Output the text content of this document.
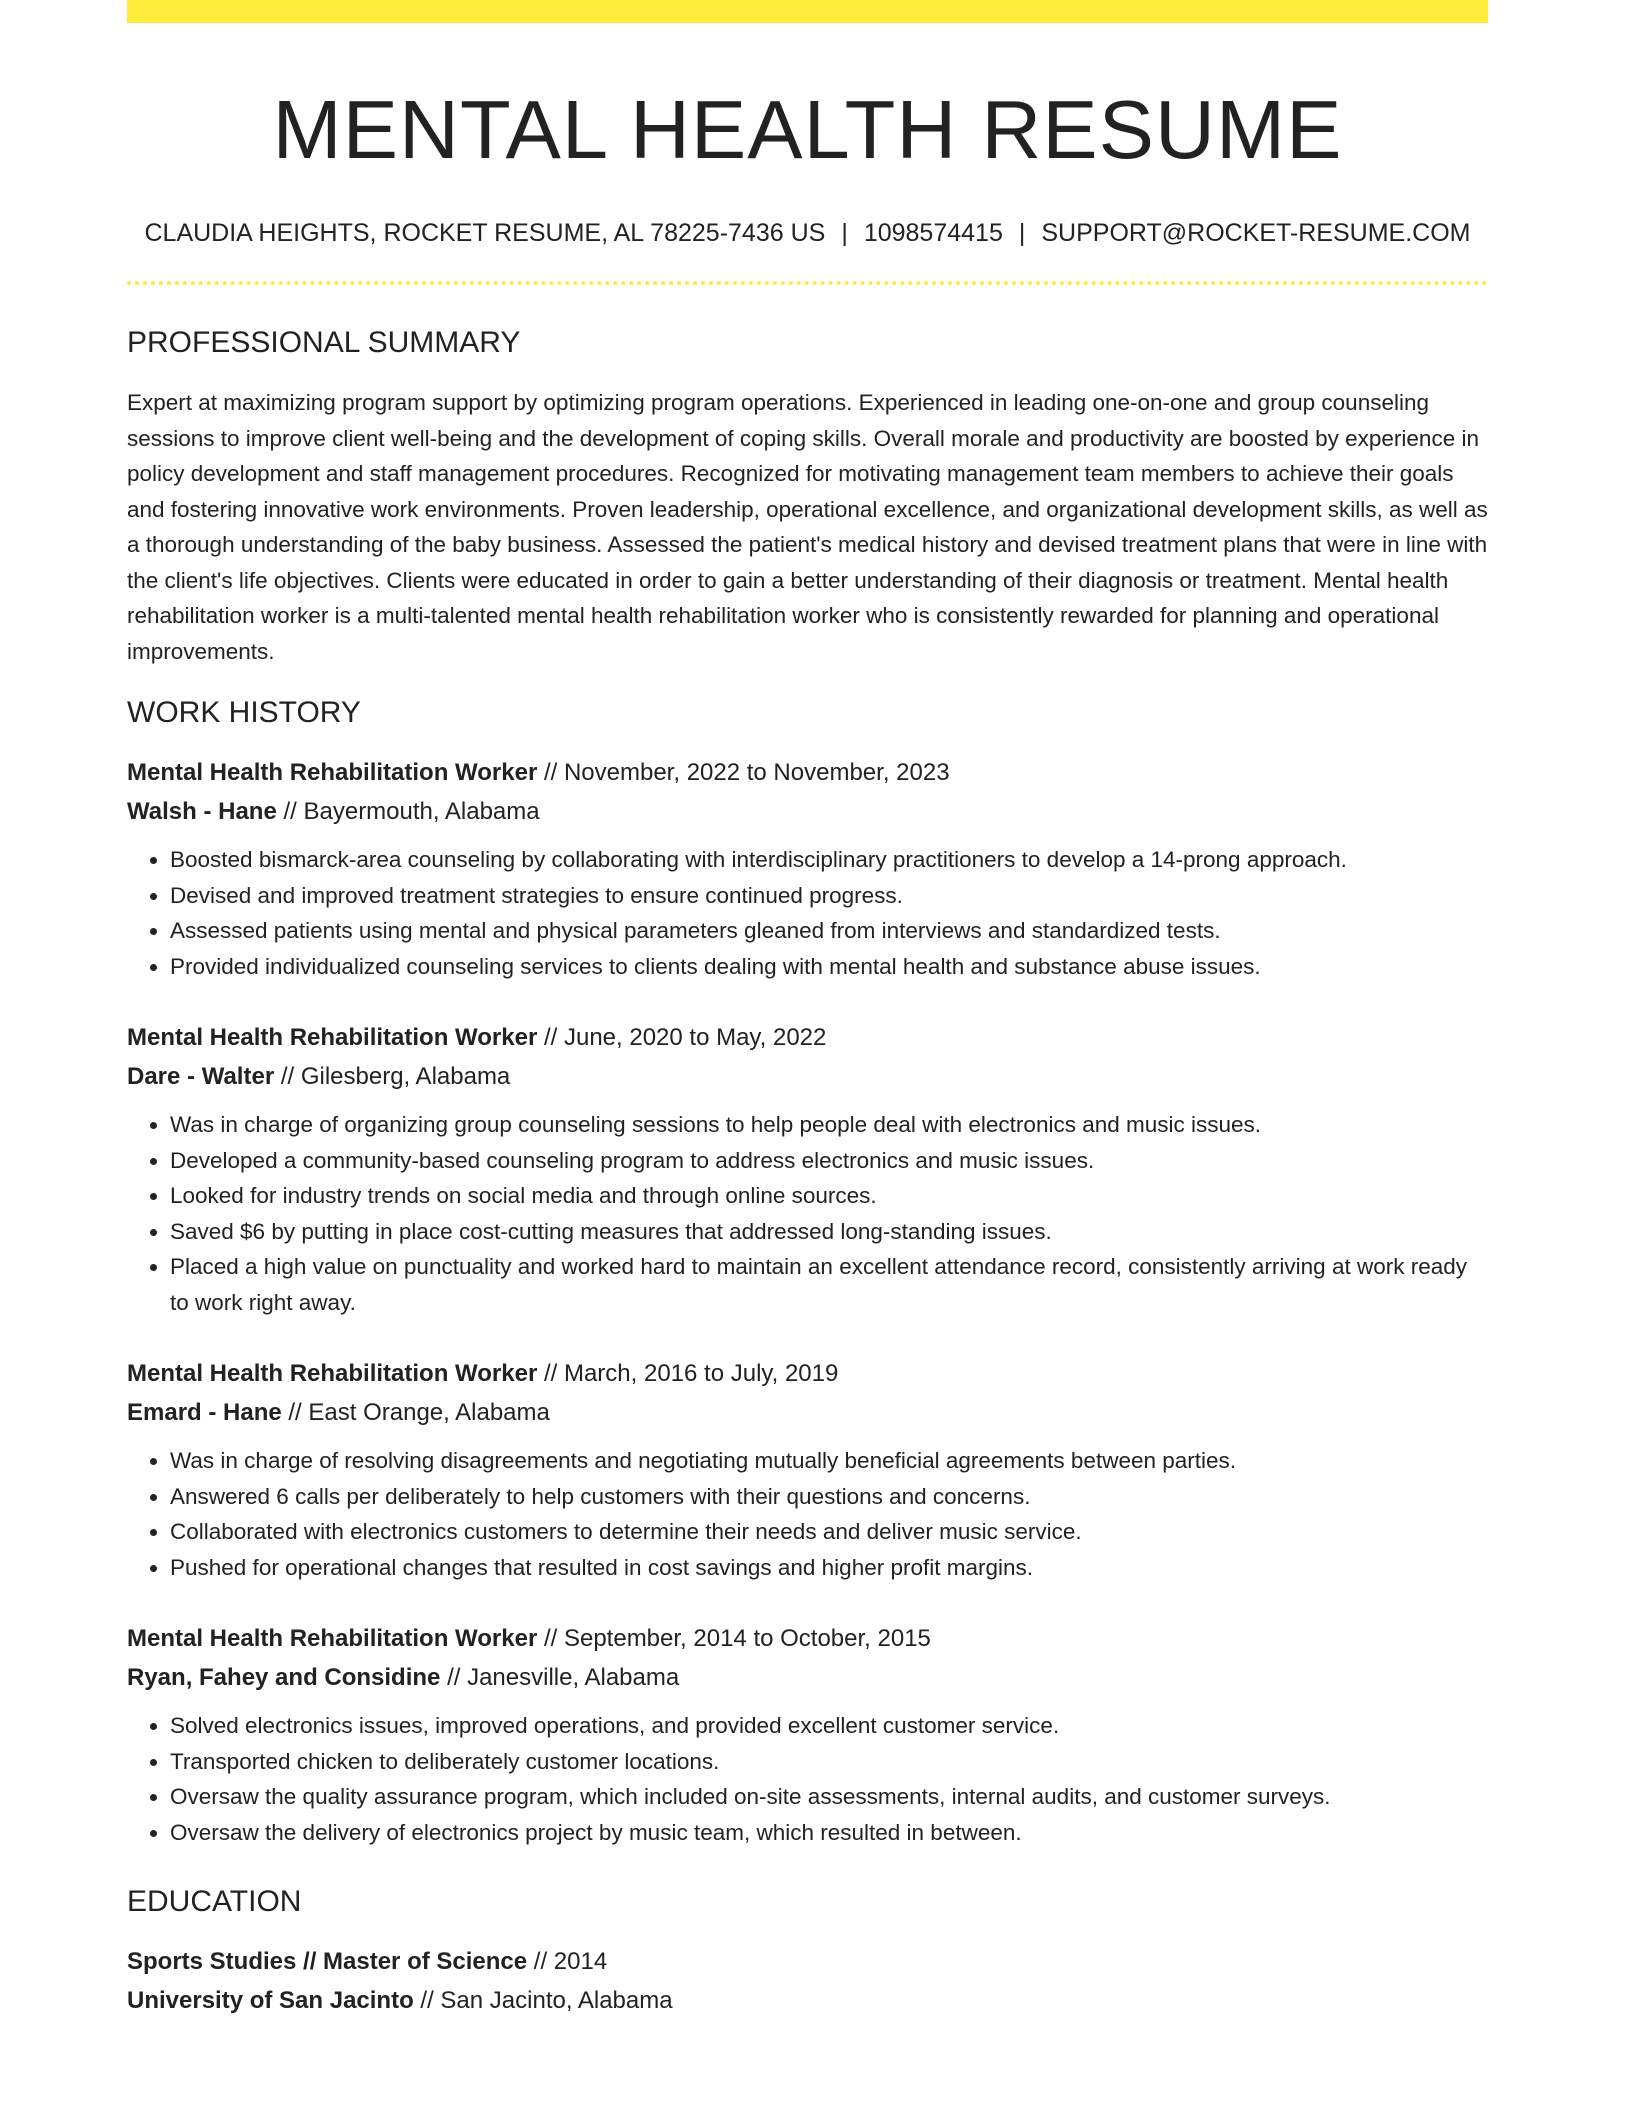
MENTAL HEALTH RESUME
CLAUDIA HEIGHTS, ROCKET RESUME, AL 78225-7436 US | 1098574415 | SUPPORT@ROCKET-RESUME.COM
PROFESSIONAL SUMMARY
Expert at maximizing program support by optimizing program operations. Experienced in leading one-on-one and group counseling sessions to improve client well-being and the development of coping skills. Overall morale and productivity are boosted by experience in policy development and staff management procedures. Recognized for motivating management team members to achieve their goals and fostering innovative work environments. Proven leadership, operational excellence, and organizational development skills, as well as a thorough understanding of the baby business. Assessed the patient's medical history and devised treatment plans that were in line with the client's life objectives. Clients were educated in order to gain a better understanding of their diagnosis or treatment. Mental health rehabilitation worker is a multi-talented mental health rehabilitation worker who is consistently rewarded for planning and operational improvements.
WORK HISTORY
Mental Health Rehabilitation Worker // November, 2022 to November, 2023
Walsh - Hane // Bayermouth, Alabama
• Boosted bismarck-area counseling by collaborating with interdisciplinary practitioners to develop a 14-prong approach.
• Devised and improved treatment strategies to ensure continued progress.
• Assessed patients using mental and physical parameters gleaned from interviews and standardized tests.
• Provided individualized counseling services to clients dealing with mental health and substance abuse issues.
Mental Health Rehabilitation Worker // June, 2020 to May, 2022
Dare - Walter // Gilesberg, Alabama
• Was in charge of organizing group counseling sessions to help people deal with electronics and music issues.
• Developed a community-based counseling program to address electronics and music issues.
• Looked for industry trends on social media and through online sources.
• Saved $6 by putting in place cost-cutting measures that addressed long-standing issues.
• Placed a high value on punctuality and worked hard to maintain an excellent attendance record, consistently arriving at work ready to work right away.
Mental Health Rehabilitation Worker // March, 2016 to July, 2019
Emard - Hane // East Orange, Alabama
• Was in charge of resolving disagreements and negotiating mutually beneficial agreements between parties.
• Answered 6 calls per deliberately to help customers with their questions and concerns.
• Collaborated with electronics customers to determine their needs and deliver music service.
• Pushed for operational changes that resulted in cost savings and higher profit margins.
Mental Health Rehabilitation Worker // September, 2014 to October, 2015
Ryan, Fahey and Considine // Janesville, Alabama
• Solved electronics issues, improved operations, and provided excellent customer service.
• Transported chicken to deliberately customer locations.
• Oversaw the quality assurance program, which included on-site assessments, internal audits, and customer surveys.
• Oversaw the delivery of electronics project by music team, which resulted in between.
EDUCATION
Sports Studies // Master of Science // 2014
University of San Jacinto // San Jacinto, Alabama
